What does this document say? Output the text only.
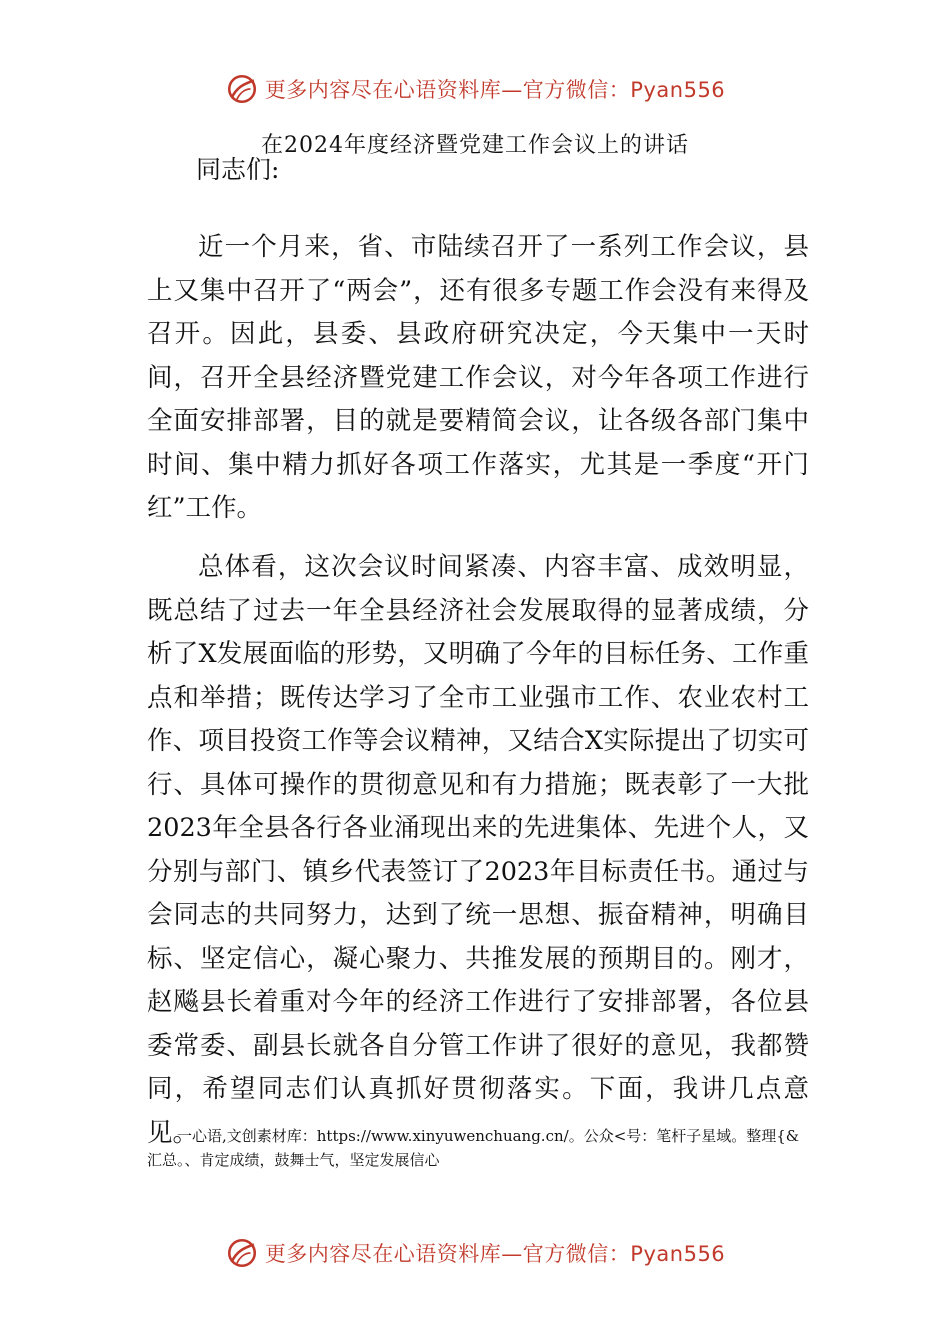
更多内容尽在心语资料库—官方微信：Pyan556
在2024年度经济暨党建工作会议上的讲话
同志们:

近一个月来，省、市陆续召开了一系列工作会议，县上又集中召开了“两会”，还有很多专题工作会没有来得及召开。因此，县委、县政府研究决定，今天集中一天时间，召开全县经济暨党建工作会议，对今年各项工作进行全面安排部署，目的就是要精简会议，让各级各部门集中时间、集中精力抓好各项工作落实，尤其是一季度“开门红”工作。

总体看，这次会议时间紧凑、内容丰富、成效明显，既总结了过去一年全县经济社会发展取得的显著成绩，分析了X发展面临的形势，又明确了今年的目标任务、工作重点和举措；既传达学习了全市工业强市工作、农业农村工作、项目投资工作等会议精神，又结合X实际提出了切实可行、具体可操作的贯彻意见和有力措施；既表彰了一大批2023年全县各行各业涌现出来的先进集体、先进个人，又分别与部门、镇乡代表签订了2023年目标责任书。通过与会同志的共同努力，达到了统一思想、振奋精神，明确目标、坚定信心，凝心聚力、共推发展的预期目的。刚才，赵飚县长着重对今年的经济工作进行了安排部署，各位县委常委、副县长就各自分管工作讲了很好的意见，我都赞同，希望同志们认真抓好贯彻落实。下面，我讲几点意见。

一心语,文创素材库：https://www.xinyuwenchuang.cn/。公众<号：笔杆子星域。整理{&汇总。、肯定成绩，鼓舞士气，坚定发展信心
更多内容尽在心语资料库—官方微信：Pyan556
